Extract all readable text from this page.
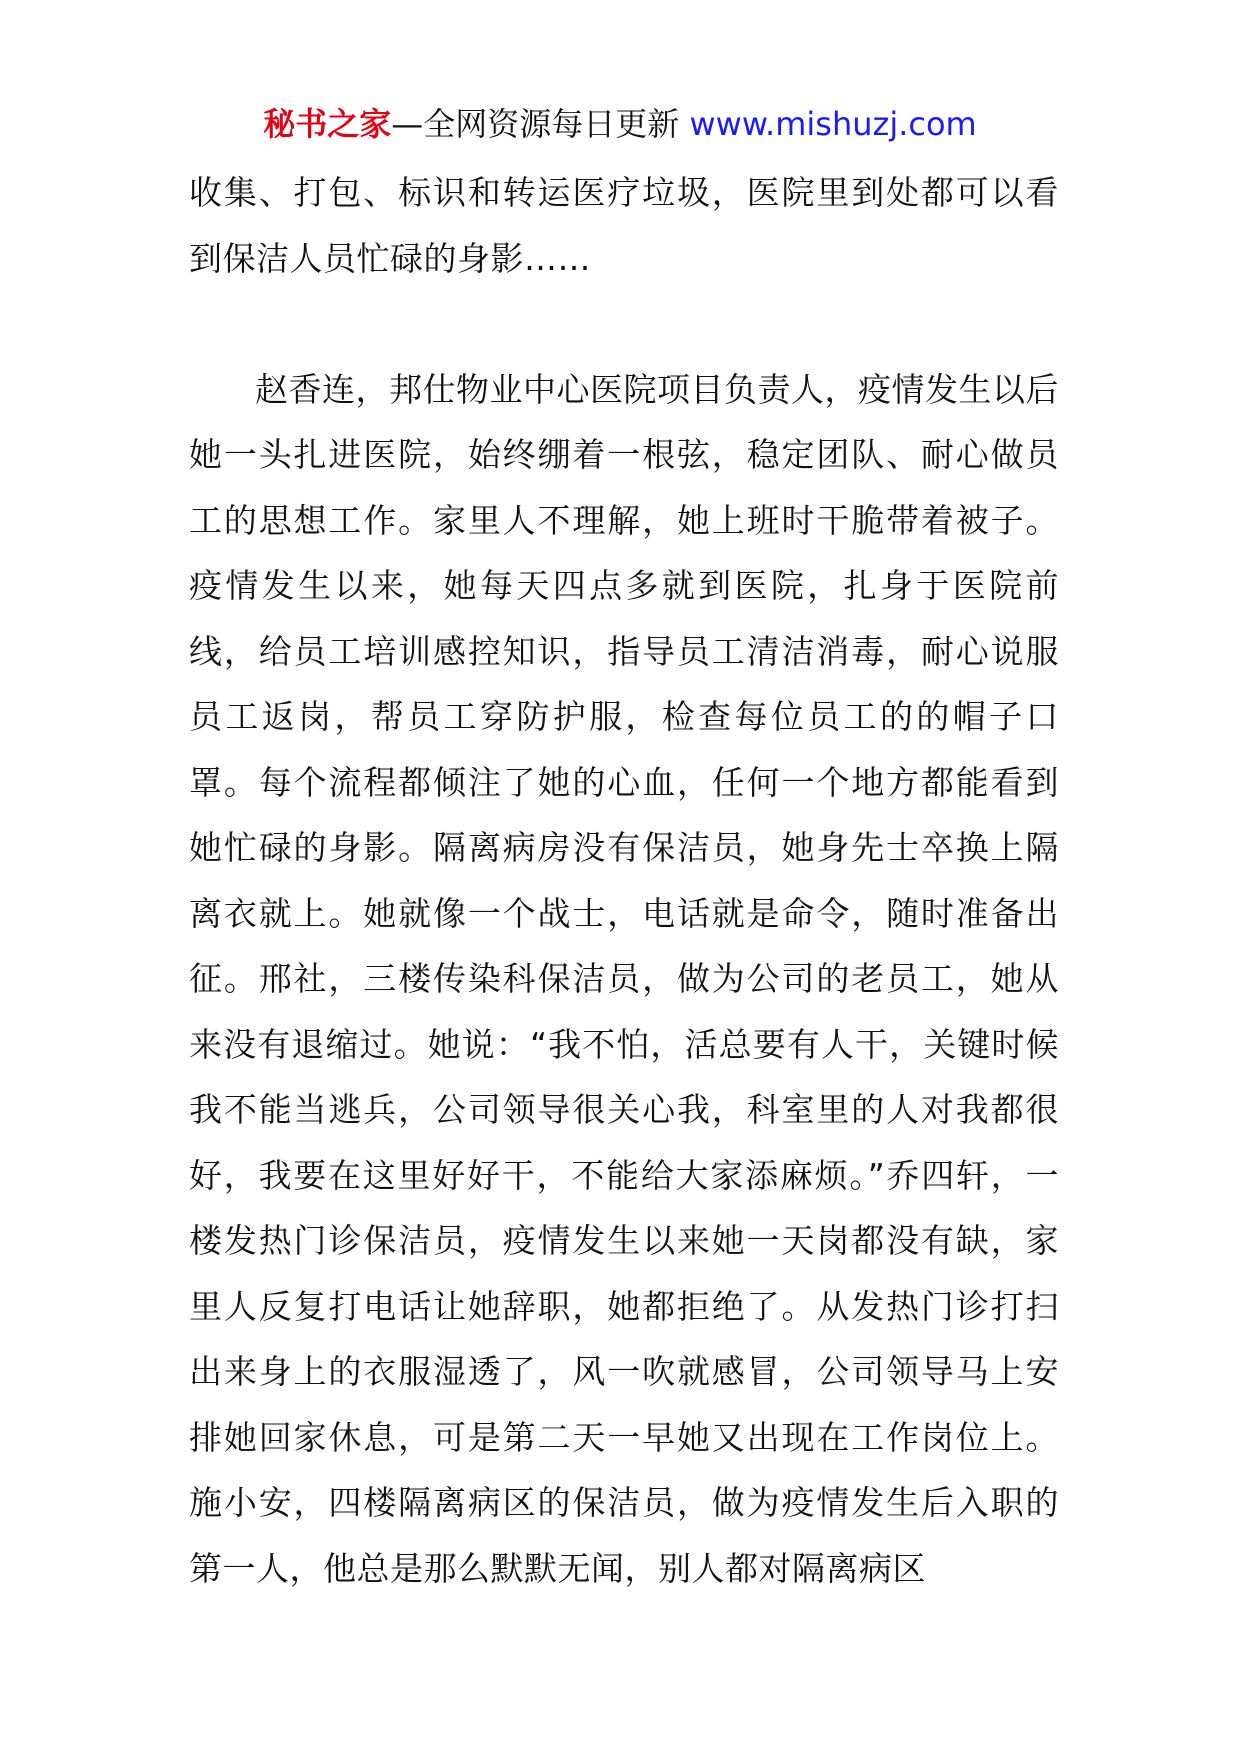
秘书之家—全网资源每日更新 www.mishuzj.com

收集、打包、标识和转运医疗垃圾，医院里到处都可以看到保洁人员忙碌的身影……

赵香连，邦仕物业中心医院项目负责人，疫情发生以后她一头扎进医院，始终绷着一根弦，稳定团队、耐心做员工的思想工作。家里人不理解，她上班时干脆带着被子。疫情发生以来，她每天四点多就到医院，扎身于医院前线，给员工培训感控知识，指导员工清洁消毒，耐心说服员工返岗，帮员工穿防护服，检查每位员工的的帽子口罩。每个流程都倾注了她的心血，任何一个地方都能看到她忙碌的身影。隔离病房没有保洁员，她身先士卒换上隔离衣就上。她就像一个战士，电话就是命令，随时准备出征。邢社，三楼传染科保洁员，做为公司的老员工，她从来没有退缩过。她说：“我不怕，活总要有人干，关键时候我不能当逃兵，公司领导很关心我，科室里的人对我都很好，我要在这里好好干，不能给大家添麻烦。”乔四轩，一楼发热门诊保洁员，疫情发生以来她一天岗都没有缺，家里人反复打电话让她辞职，她都拒绝了。从发热门诊打扫出来身上的衣服湿透了，风一吹就感冒，公司领导马上安排她回家休息，可是第二天一早她又出现在工作岗位上。施小安，四楼隔离病区的保洁员，做为疫情发生后入职的第一人，他总是那么默默无闻，别人都对隔离病区
